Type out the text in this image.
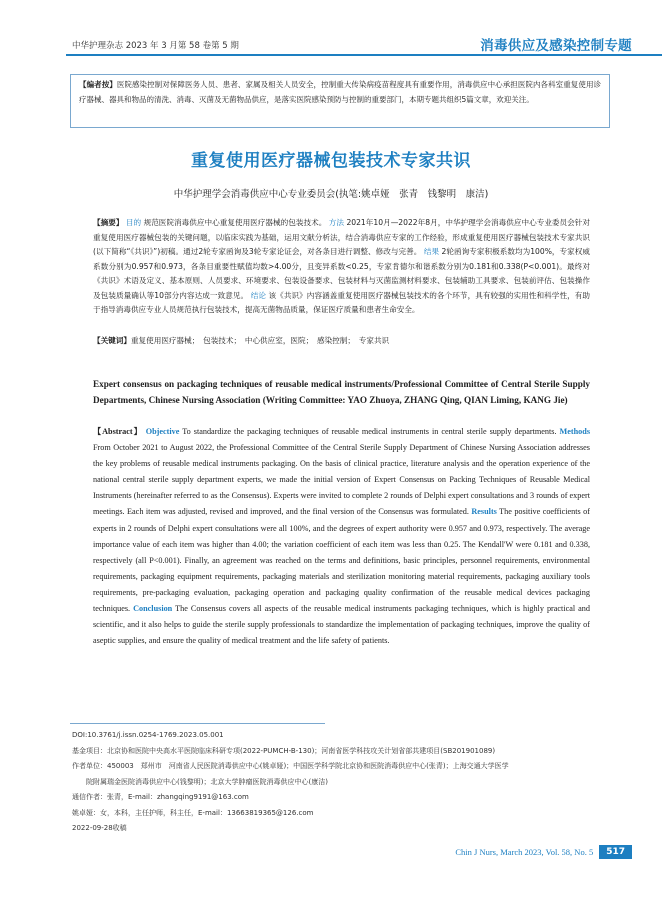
中华护理杂志 2023 年 3 月第 58 卷第 5 期	消毒供应及感染控制专题
【编者按】医院感染控制对保障医务人员、患者、家属及相关人员安全，控制重大传染病疫苗程度具有重要作用，消毒供应中心承担医院内各科室重复使用诊疗器械、器具和物品的清洗、消毒、灭菌及无菌物品供应，是落实医院感染预防与控制的重要部门，本期专题共组织5篇文章，欢迎关注。
重复使用医疗器械包装技术专家共识
中华护理学会消毒供应中心专业委员会(执笔:姚卓娅　张青　钱黎明　康洁)
【摘要】 目的 规范医院消毒供应中心重复使用医疗器械的包装技术。 方法 2021年10月—2022年8月，中华护理学会消毒供应中心专业委员会针对重复使用医疗器械包装的关键问题，以临床实践为基础，运用文献分析法，结合消毒供应专家的工作经验，形成重复使用医疗器械包装技术专家共识(以下简称“《共识》”)初稿。通过2轮专家函询及3轮专家论证会，对各条目进行调整、修改与完善。 结果 2轮函询专家积极系数均为100%，专家权威系数分别为0.957和0.973，各条目重要性赋值均数>4.00分，且变异系数<0.25，专家肯德尔和谐系数分别为0.181和0.338(P<0.001)。最终对《共识》术语及定义、基本原则、人员要求、环境要求、包装设备要求、包装材料与灭菌监测材料要求、包装辅助工具要求、包装前评估、包装操作及包装质量确认等10部分内容达成一致意见。 结论 该《共识》内容涵盖重复使用医疗器械包装技术的各个环节，具有较强的实用性和科学性，有助于指导消毒供应专业人员规范执行包装技术，提高无菌物品质量，保证医疗质量和患者生命安全。
【关键词】重复使用医疗器械；　包装技术；　中心供应室，医院；　感染控制；　专家共识
Expert consensus on packaging techniques of reusable medical instruments/Professional Committee of Central Sterile Supply Departments, Chinese Nursing Association (Writing Committee: YAO Zhuoya, ZHANG Qing, QIAN Liming, KANG Jie)
【Abstract】 Objective To standardize the packaging techniques of reusable medical instruments in central sterile supply departments. Methods From October 2021 to August 2022, the Professional Committee of the Central Sterile Supply Department of Chinese Nursing Association addresses the key problems of reusable medical instruments packaging. On the basis of clinical practice, literature analysis and the operation experience of the national central sterile supply department experts, we made the initial version of Expert Consensus on Packing Techniques of Reusable Medical Instruments (hereinafter referred to as the Consensus). Experts were invited to complete 2 rounds of Delphi expert consultations and 3 rounds of expert meetings. Each item was adjusted, revised and improved, and the final version of the Consensus was formulated. Results The positive coefficients of experts in 2 rounds of Delphi expert consultations were all 100%, and the degrees of expert authority were 0.957 and 0.973, respectively. The average importance value of each item was higher than 4.00; the variation coefficient of each item was less than 0.25. The Kendall'W were 0.181 and 0.338, respectively (all P<0.001). Finally, an agreement was reached on the terms and definitions, basic principles, personnel requirements, environmental requirements, packaging equipment requirements, packaging materials and sterilization monitoring material requirements, packaging auxiliary tools requirements, pre-packaging evaluation, packaging operation and packaging quality confirmation of the reusable medical devices packaging techniques. Conclusion The Consensus covers all aspects of the reusable medical instruments packaging techniques, which is highly practical and scientific, and it also helps to guide the sterile supply professionals to standardize the implementation of packaging techniques, improve the quality of aseptic supplies, and ensure the quality of medical treatment and the life safety of patients.
DOI:10.3761/j.issn.0254-1769.2023.05.001
基金项目：北京协和医院中央高水平医院临床科研专项(2022-PUMCH-B-130)；河南省医学科技攻关计划省部共建项目(SB201901089)
作者单位：450003　郑州市　河南省人民医院消毒供应中心(姚卓娅)；中国医学科学院北京协和医院消毒供应中心(张青)；上海交通大学医学
　　院附属瑞金医院消毒供应中心(钱黎明)；北京大学肿瘤医院消毒供应中心(康洁)
通信作者：张青，E-mail：zhangqing9191@163.com
姚卓娅：女，本科，主任护师，科主任，E-mail：13663819365@126.com
2022-09-28收稿
Chin J Nurs, March 2023, Vol. 58, No. 5	517
